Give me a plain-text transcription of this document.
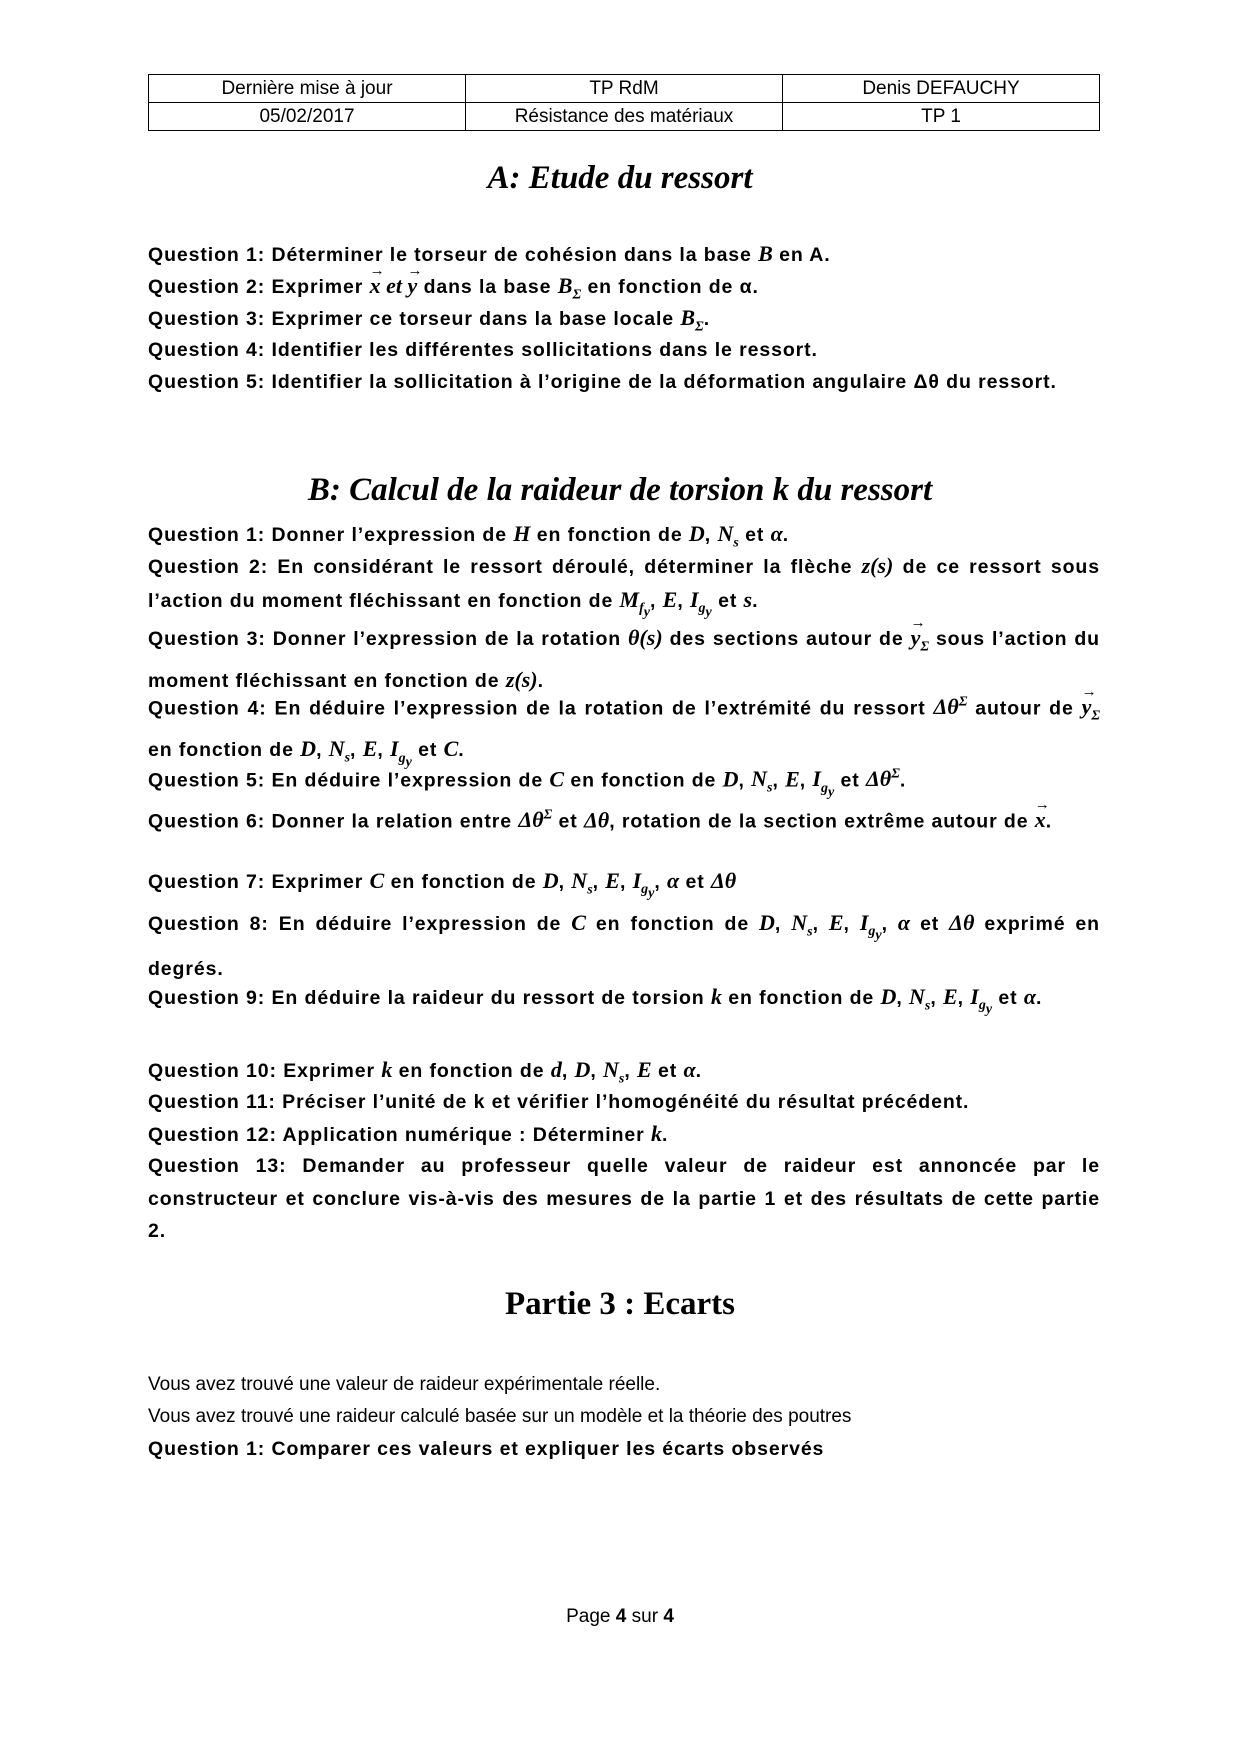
Dernière mise à jour	TP RdM	Denis DEFAUCHY
05/02/2017	Résistance des matériaux	TP 1
A: Etude du ressort

Question 1: Déterminer le torseur de cohésion dans la base B en A.

Question 2: Exprimer → x et → y dans la base $B_\Sigma$ en fonction de α.

Question 3: Exprimer ce torseur dans la base locale $B_\Sigma$.

Question 4: Identifier les différentes sollicitations dans le ressort.

Question 5: Identifier la sollicitation à l’origine de la déformation angulaire Δθ du ressort.

B: Calcul de la raideur de torsion k du ressort

Question 1: Donner l’expression de H en fonction de D, $N_s$ et α.

Question 2: En considérant le ressort déroulé, déterminer la flèche z(s) de ce ressort sous l’action du moment fléchissant en fonction de $M_{f_y}$, E, $I_{g_y}$ et s.

Question 3: Donner l’expression de la rotation θ(s) des sections autour de → $y_\Sigma$ sous l’action du moment fléchissant en fonction de z(s).

Question 4: En déduire l’expression de la rotation de l’extrémité du ressort $\Delta\theta^\Sigma$ autour de → $y_\Sigma$ en fonction de D, $N_s$, E, $I_{g_y}$ et C.

Question 5: En déduire l’expression de C en fonction de D, $N_s$, E, $I_{g_y}$ et $\Delta\theta^\Sigma$.

Question 6: Donner la relation entre $\Delta\theta^\Sigma$ et Δθ, rotation de la section extrême autour de → x.

Question 7: Exprimer C en fonction de D, $N_s$, E, $I_{g_y}$, α et Δθ

Question 8: En déduire l’expression de C en fonction de D, $N_s$, E, $I_{g_y}$, α et Δθ exprimé en degrés.

Question 9: En déduire la raideur du ressort de torsion k en fonction de D, $N_s$, E, $I_{g_y}$ et α.

Question 10: Exprimer k en fonction de d, D, $N_s$, E et α.

Question 11: Préciser l’unité de k et vérifier l’homogénéité du résultat précédent.

Question 12: Application numérique : Déterminer k.

Question 13: Demander au professeur quelle valeur de raideur est annoncée par le constructeur et conclure vis-à-vis des mesures de la partie 1 et des résultats de cette partie 2.

Partie 3 : Ecarts

Vous avez trouvé une valeur de raideur expérimentale réelle.

Vous avez trouvé une raideur calculé basée sur un modèle et la théorie des poutres

Question 1: Comparer ces valeurs et expliquer les écarts observés

Page 4 sur 4
